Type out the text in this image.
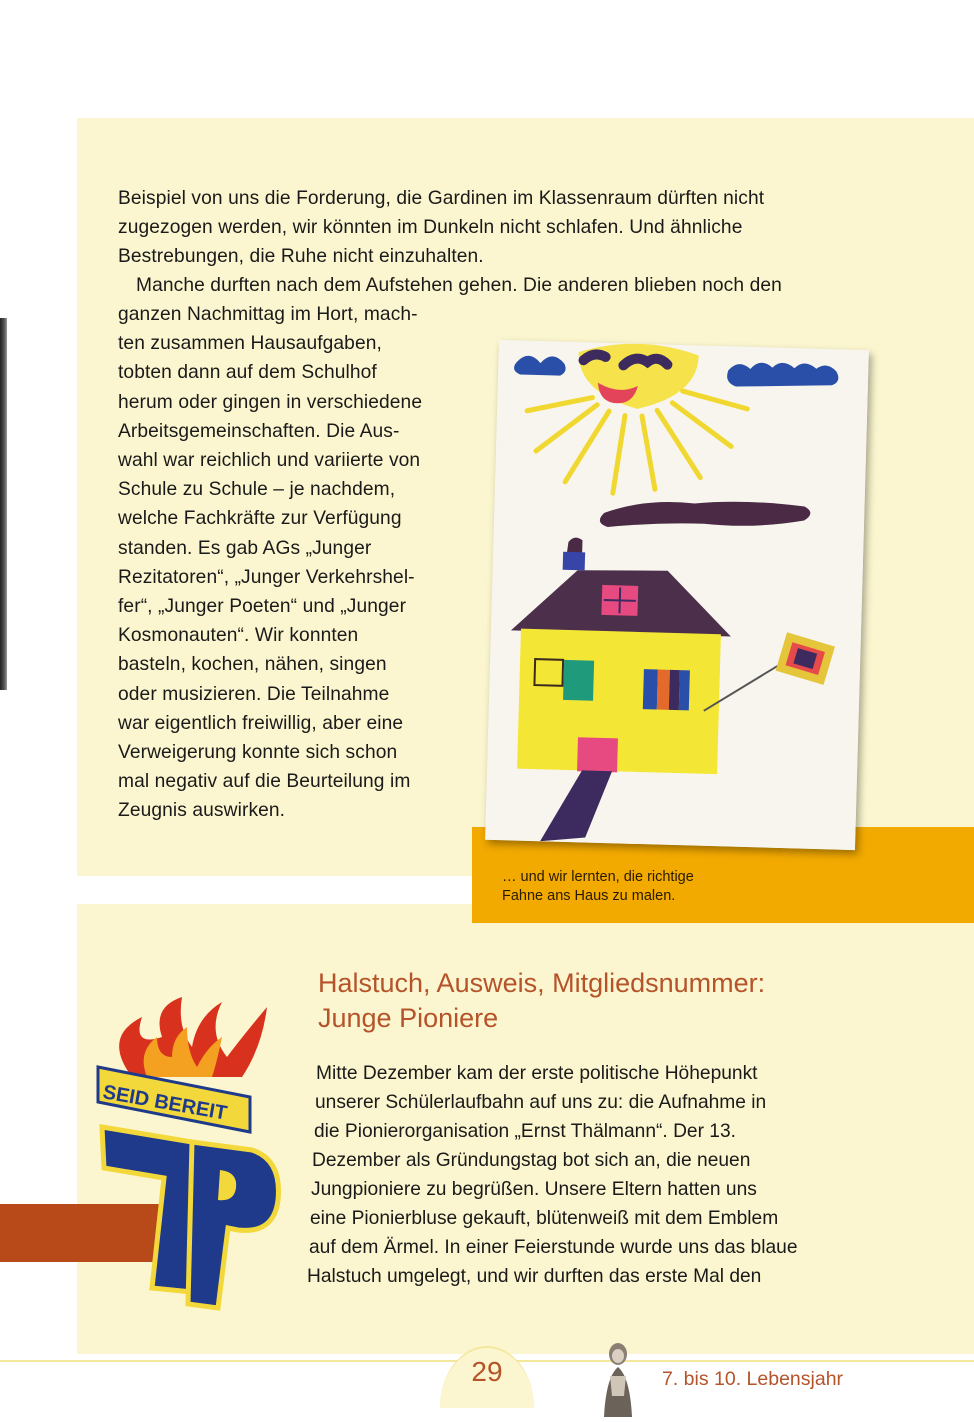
Beispiel von uns die Forderung, die Gardinen im Klassenraum dürften nicht
zugezogen werden, wir könnten im Dunkeln nicht schlafen. Und ähnliche
Bestrebungen, die Ruhe nicht einzuhalten.
Manche durften nach dem Aufstehen gehen. Die anderen blieben noch den
ganzen Nachmittag im Hort, mach-
ten zusammen Hausaufgaben,
tobten dann auf dem Schulhof
herum oder gingen in verschiedene
Arbeitsgemeinschaften. Die Aus-
wahl war reichlich und variierte von
Schule zu Schule – je nachdem,
welche Fachkräfte zur Verfügung
standen. Es gab AGs „Junger
Rezitatoren“, „Junger Verkehrshel-
fer“, „Junger Poeten“ und „Junger
Kosmonauten“. Wir konnten
basteln, kochen, nähen, singen
oder musizieren. Die Teilnahme
war eigentlich freiwillig, aber eine
Verweigerung konnte sich schon
mal negativ auf die Beurteilung im
Zeugnis auswirken.
… und wir lernten, die richtige
Fahne ans Haus zu malen.
Halstuch, Ausweis, Mitgliedsnummer:
Junge Pioniere
SEID BEREIT
Mitte Dezember kam der erste politische Höhepunkt
unserer Schülerlaufbahn auf uns zu: die Aufnahme in
die Pionierorganisation „Ernst Thälmann“. Der 13.
Dezember als Gründungstag bot sich an, die neuen
Jungpioniere zu begrüßen. Unsere Eltern hatten uns
eine Pionierbluse gekauft, blütenweiß mit dem Emblem
auf dem Ärmel. In einer Feierstunde wurde uns das blaue
Halstuch umgelegt, und wir durften das erste Mal den
29	7. bis 10. Lebensjahr
